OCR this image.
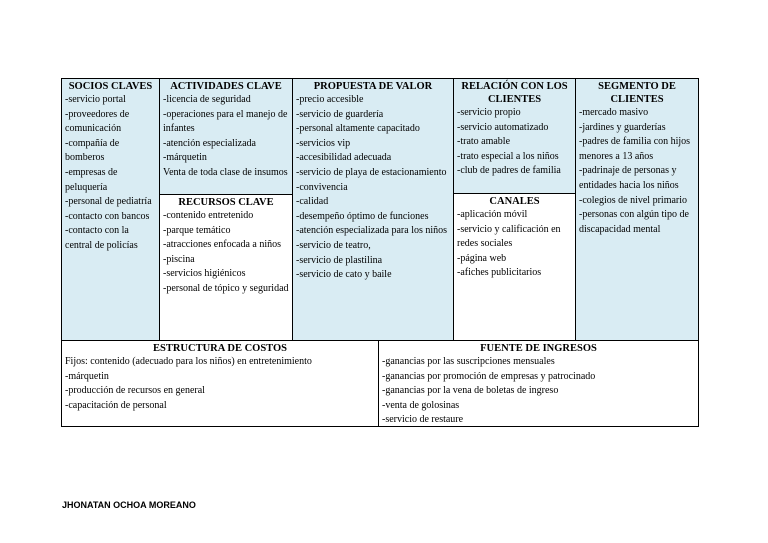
SOCIOS CLAVES
-servicio portal
-proveedores de comunicación
-compañía de bomberos
-empresas de peluquería
-personal de pediatría
-contacto con bancos
-contacto con la central de policías
ACTIVIDADES CLAVE
-licencia de seguridad
-operaciones para el manejo de infantes
-atención especializada
-márquetin
Venta de toda clase de insumos
RECURSOS CLAVE
-contenido entretenido
-parque temático
-atracciones enfocada a niños
-piscina
-servicios higiénicos
-personal de tópico y seguridad
PROPUESTA DE VALOR
-precio accesible
-servicio de guardería
-personal altamente capacitado
-servicios vip
-accesibilidad adecuada
-servicio de playa de estacionamiento
-convivencia
-calidad
-desempeño óptimo de funciones
-atención especializada para los niños
-servicio de teatro,
-servicio de plastilina
-servicio de cato y baile
RELACIÓN CON LOS CLIENTES
-servicio propio
-servicio automatizado
-trato amable
-trato especial a los niños
-club de padres de familia
CANALES
-aplicación móvil
-servicio y calificación en redes sociales
-página web
-afiches publicitarios
SEGMENTO DE CLIENTES
-mercado masivo
-jardines y guarderías
-padres de familia con hijos menores a 13 años
-padrinaje de personas y entidades hacia los niños
-colegios de nivel primario
-personas con algún tipo de discapacidad mental
ESTRUCTURA DE COSTOS
Fijos: contenido (adecuado para los niños) en entretenimiento
-márquetin
-producción de recursos en general
-capacitación de personal
FUENTE DE INGRESOS
-ganancias por las suscripciones mensuales
-ganancias por promoción de empresas y patrocinado
-ganancias por la vena de boletas de ingreso
-venta de golosinas
-servicio de restaure
JHONATAN OCHOA MOREANO
